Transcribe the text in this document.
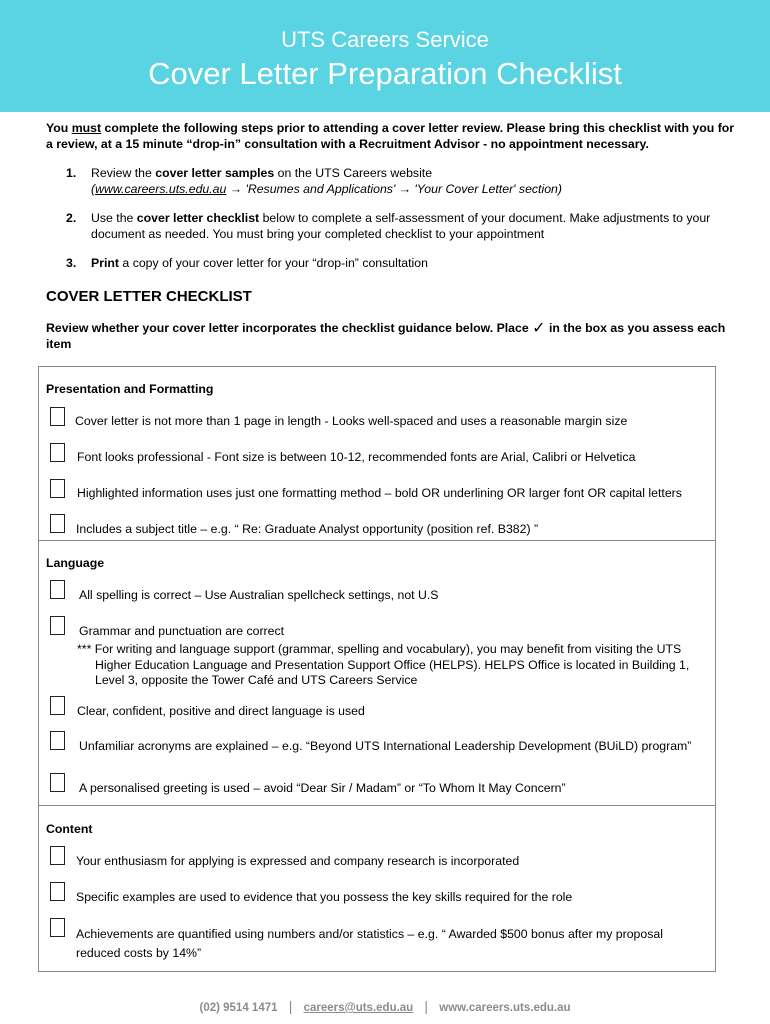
UTS Careers Service
Cover Letter Preparation Checklist
You must complete the following steps prior to attending a cover letter review. Please bring this checklist with you for a review, at a 15 minute “drop-in” consultation with a Recruitment Advisor - no appointment necessary.
1. Review the cover letter samples on the UTS Careers website
(www.careers.uts.edu.au → 'Resumes and Applications' → 'Your Cover Letter' section)
2. Use the cover letter checklist below to complete a self-assessment of your document. Make adjustments to your document as needed. You must bring your completed checklist to your appointment
3. Print a copy of your cover letter for your “drop-in” consultation
COVER LETTER CHECKLIST
Review whether your cover letter incorporates the checklist guidance below. Place ✓ in the box as you assess each item
Presentation and Formatting
Cover letter is not more than 1 page in length - Looks well-spaced and uses a reasonable margin size
Font looks professional - Font size is between 10-12, recommended fonts are Arial, Calibri or Helvetica
Highlighted information uses just one formatting method – bold OR underlining OR larger font OR capital letters
Includes a subject title – e.g. “ Re: Graduate Analyst opportunity (position ref. B382) ”
Language
All spelling is correct – Use Australian spellcheck settings, not U.S
Grammar and punctuation are correct
*** For writing and language support (grammar, spelling and vocabulary), you may benefit from visiting the UTS Higher Education Language and Presentation Support Office (HELPS). HELPS Office is located in Building 1, Level 3, opposite the Tower Café and UTS Careers Service
Clear, confident, positive and direct language is used
Unfamiliar acronyms are explained – e.g. “Beyond UTS International Leadership Development (BUiLD) program”
A personalised greeting is used – avoid “Dear Sir / Madam” or “To Whom It May Concern”
Content
Your enthusiasm for applying is expressed and company research is incorporated
Specific examples are used to evidence that you possess the key skills required for the role
Achievements are quantified using numbers and/or statistics – e.g. “ Awarded $500 bonus after my proposal reduced costs by 14%”
(02) 9514 1471 | careers@uts.edu.au | www.careers.uts.edu.au
